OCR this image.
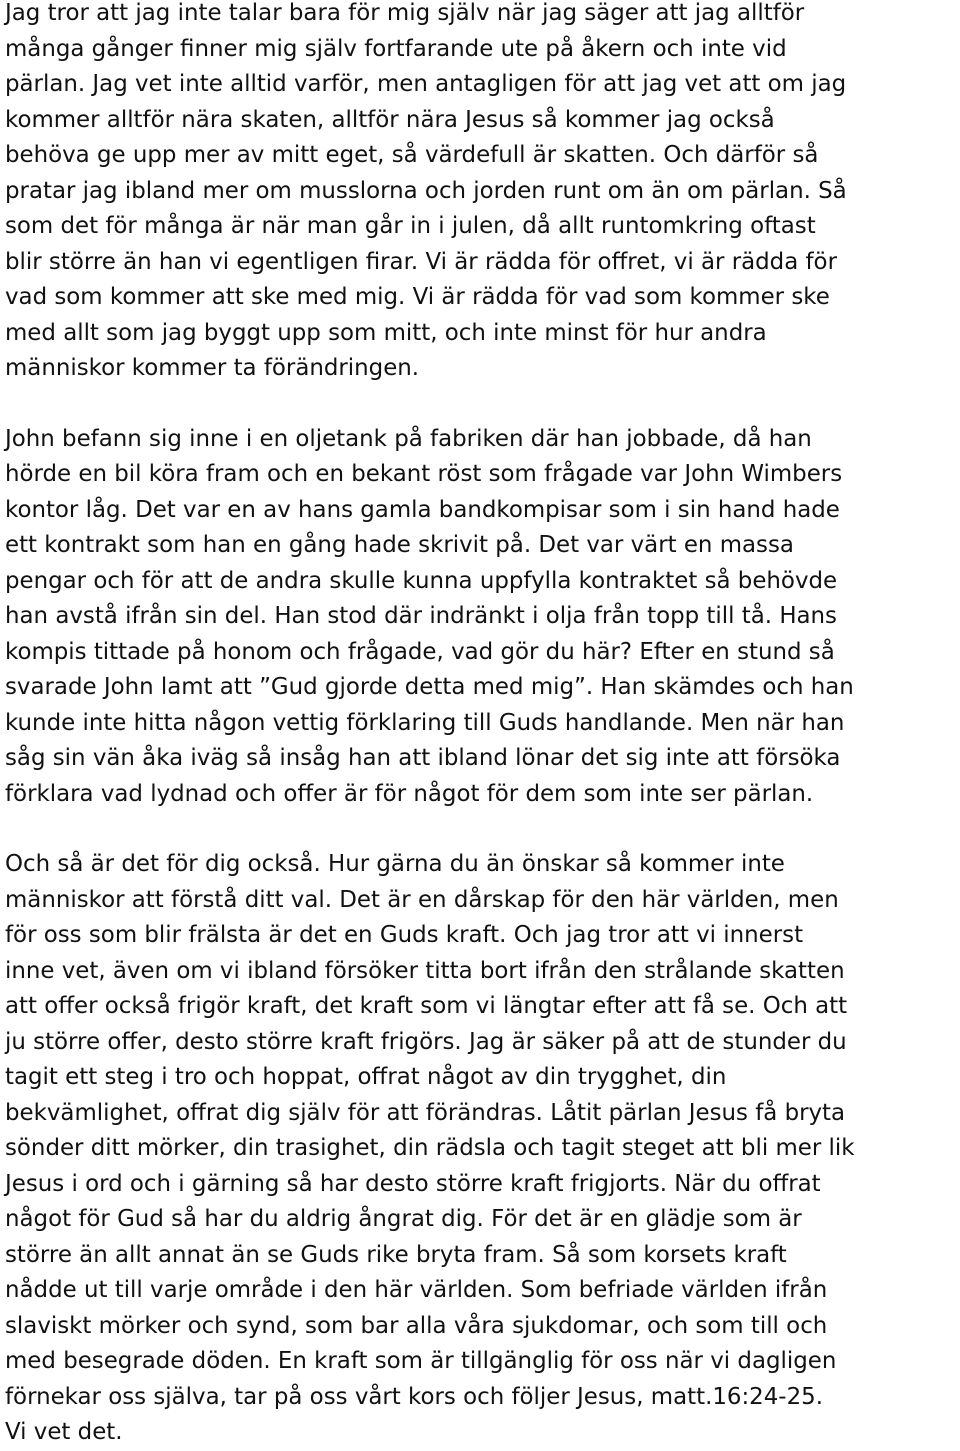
Jag tror att jag inte talar bara för mig själv när jag säger att jag alltför
många gånger finner mig själv fortfarande ute på åkern och inte vid
pärlan. Jag vet inte alltid varför, men antagligen för att jag vet att om jag
kommer alltför nära skaten, alltför nära Jesus så kommer jag också
behöva ge upp mer av mitt eget, så värdefull är skatten. Och därför så
pratar jag ibland mer om musslorna och jorden runt om än om pärlan. Så
som det för många är när man går in i julen, då allt runtomkring oftast
blir större än han vi egentligen firar. Vi är rädda för offret, vi är rädda för
vad som kommer att ske med mig. Vi är rädda för vad som kommer ske
med allt som jag byggt upp som mitt, och inte minst för hur andra
människor kommer ta förändringen.

John befann sig inne i en oljetank på fabriken där han jobbade, då han
hörde en bil köra fram och en bekant röst som frågade var John Wimbers
kontor låg. Det var en av hans gamla bandkompisar som i sin hand hade
ett kontrakt som han en gång hade skrivit på. Det var värt en massa
pengar och för att de andra skulle kunna uppfylla kontraktet så behövde
han avstå ifrån sin del. Han stod där indränkt i olja från topp till tå. Hans
kompis tittade på honom och frågade, vad gör du här? Efter en stund så
svarade John lamt att ”Gud gjorde detta med mig”. Han skämdes och han
kunde inte hitta någon vettig förklaring till Guds handlande. Men när han
såg sin vän åka iväg så insåg han att ibland lönar det sig inte att försöka
förklara vad lydnad och offer är för något för dem som inte ser pärlan.

Och så är det för dig också. Hur gärna du än önskar så kommer inte
människor att förstå ditt val. Det är en dårskap för den här världen, men
för oss som blir frälsta är det en Guds kraft. Och jag tror att vi innerst
inne vet, även om vi ibland försöker titta bort ifrån den strålande skatten
att offer också frigör kraft, det kraft som vi längtar efter att få se. Och att
ju större offer, desto större kraft frigörs. Jag är säker på att de stunder du
tagit ett steg i tro och hoppat, offrat något av din trygghet, din
bekvämlighet, offrat dig själv för att förändras. Låtit pärlan Jesus få bryta
sönder ditt mörker, din trasighet, din rädsla och tagit steget att bli mer lik
Jesus i ord och i gärning så har desto större kraft frigjorts. När du offrat
något för Gud så har du aldrig ångrat dig. För det är en glädje som är
större än allt annat än se Guds rike bryta fram. Så som korsets kraft
nådde ut till varje område i den här världen. Som befriade världen ifrån
slaviskt mörker och synd, som bar alla våra sjukdomar, och som till och
med besegrade döden. En kraft som är tillgänglig för oss när vi dagligen
förnekar oss själva, tar på oss vårt kors och följer Jesus, matt.16:24-25.
Vi vet det.
